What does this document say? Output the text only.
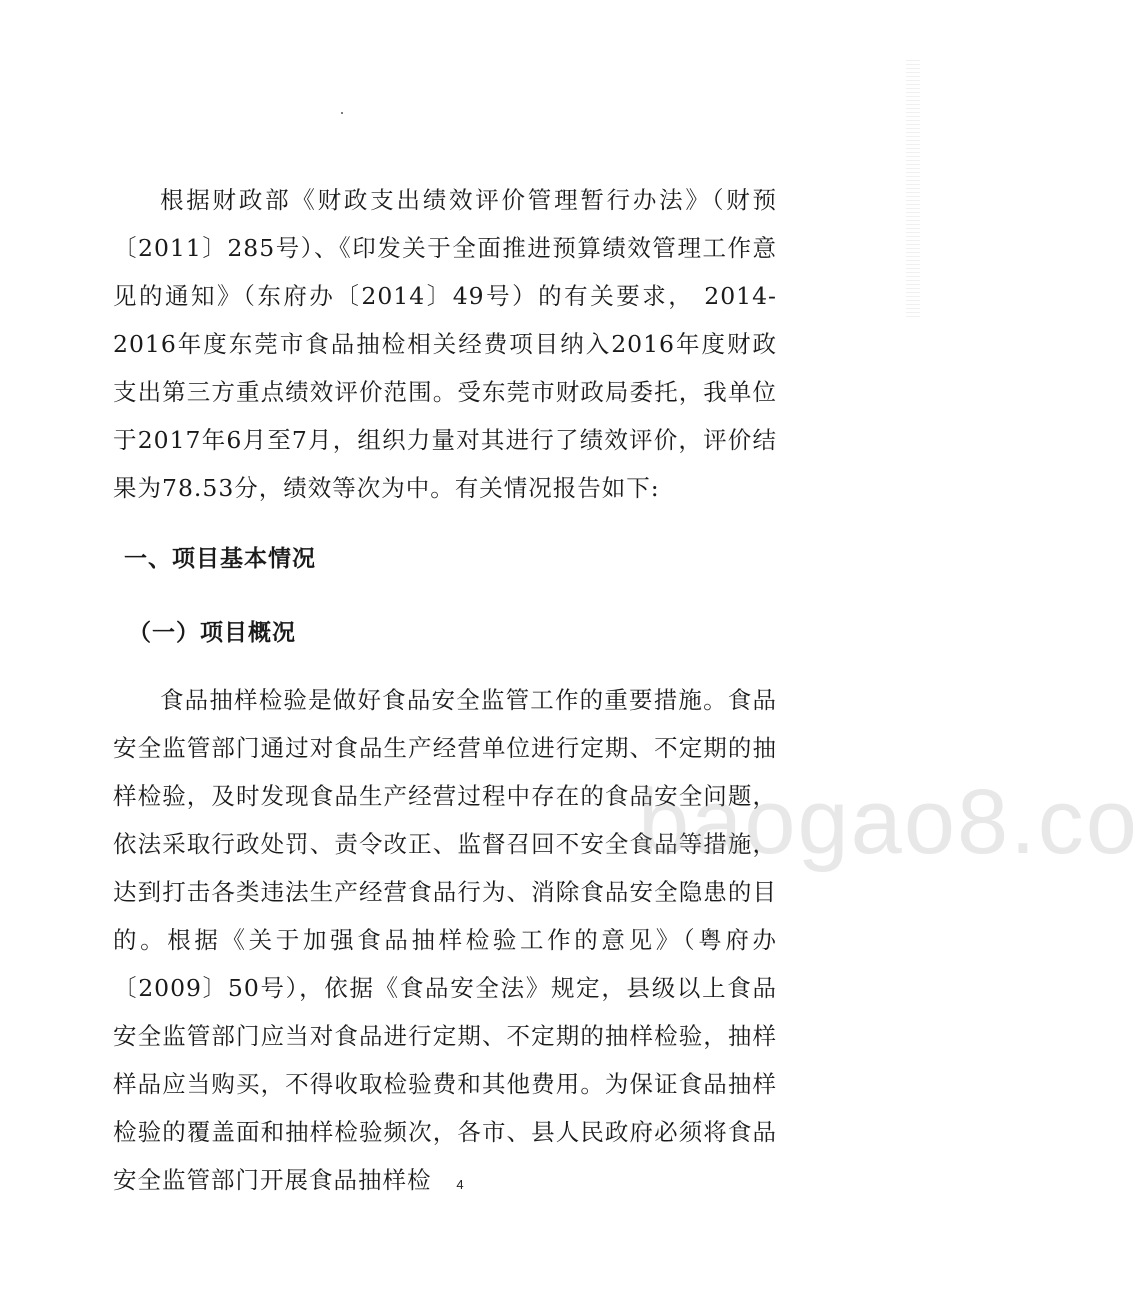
根据财政部《财政支出绩效评价管理暂行办法》（财预〔2011〕285号）、《印发关于全面推进预算绩效管理工作意见的通知》（东府办〔2014〕49号）的有关要求， 2014-2016年度东莞市食品抽检相关经费项目纳入2016年度财政支出第三方重点绩效评价范围。受东莞市财政局委托，我单位于2017年6月至7月，组织力量对其进行了绩效评价，评价结果为78.53分，绩效等次为中。有关情况报告如下:

一、项目基本情况
（一）项目概况

食品抽样检验是做好食品安全监管工作的重要措施。食品安全监管部门通过对食品生产经营单位进行定期、不定期的抽样检验，及时发现食品生产经营过程中存在的食品安全问题，依法采取行政处罚、责令改正、监督召回不安全食品等措施，达到打击各类违法生产经营食品行为、消除食品安全隐患的目的。根据《关于加强食品抽样检验工作的意见》（粤府办〔2009〕50号），依据《食品安全法》规定，县级以上食品安全监管部门应当对食品进行定期、不定期的抽样检验，抽样样品应当购买，不得收取检验费和其他费用。为保证食品抽样检验的覆盖面和抽样检验频次，各市、县人民政府必须将食品安全监管部门开展食品抽样检

baogao8.co
4
